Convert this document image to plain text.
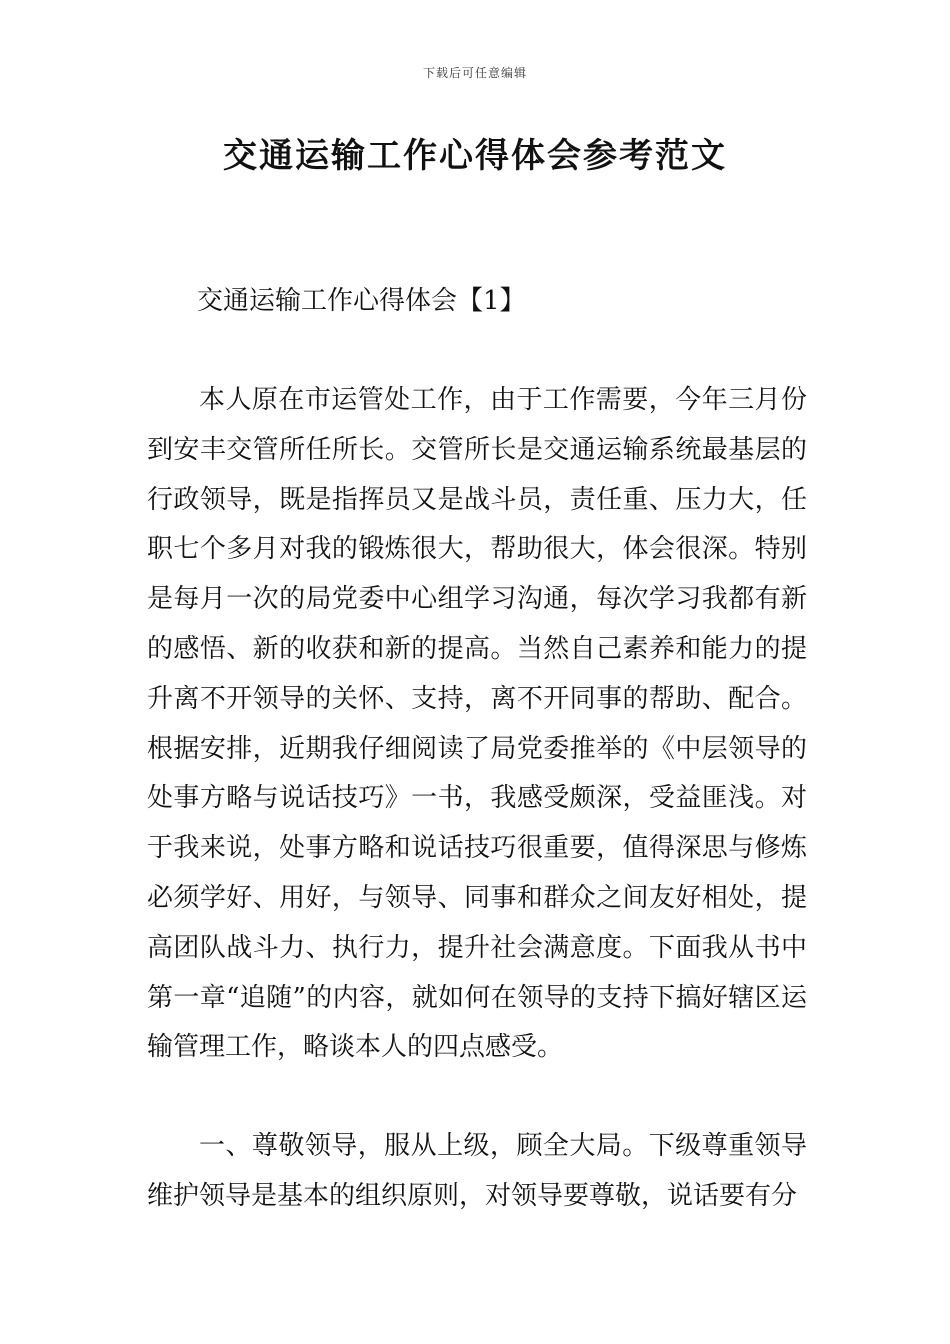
下载后可任意编辑
交通运输工作心得体会参考范文
交通运输工作心得体会【1】

本人原在市运管处工作，由于工作需要，今年三月份到安丰交管所任所长。交管所长是交通运输系统最基层的行政领导，既是指挥员又是战斗员，责任重、压力大，任职七个多月对我的锻炼很大，帮助很大，体会很深。特别是每月一次的局党委中心组学习沟通，每次学习我都有新的感悟、新的收获和新的提高。当然自己素养和能力的提升离不开领导的关怀、支持，离不开同事的帮助、配合。根据安排，近期我仔细阅读了局党委推举的《中层领导的处事方略与说话技巧》一书，我感受颇深，受益匪浅。对于我来说，处事方略和说话技巧很重要，值得深思与修炼必须学好、用好，与领导、同事和群众之间友好相处，提高团队战斗力、执行力，提升社会满意度。下面我从书中第一章“追随”的内容，就如何在领导的支持下搞好辖区运输管理工作，略谈本人的四点感受。

一、尊敬领导，服从上级，顾全大局。下级尊重领导维护领导是基本的组织原则，对领导要尊敬，说话要有分
